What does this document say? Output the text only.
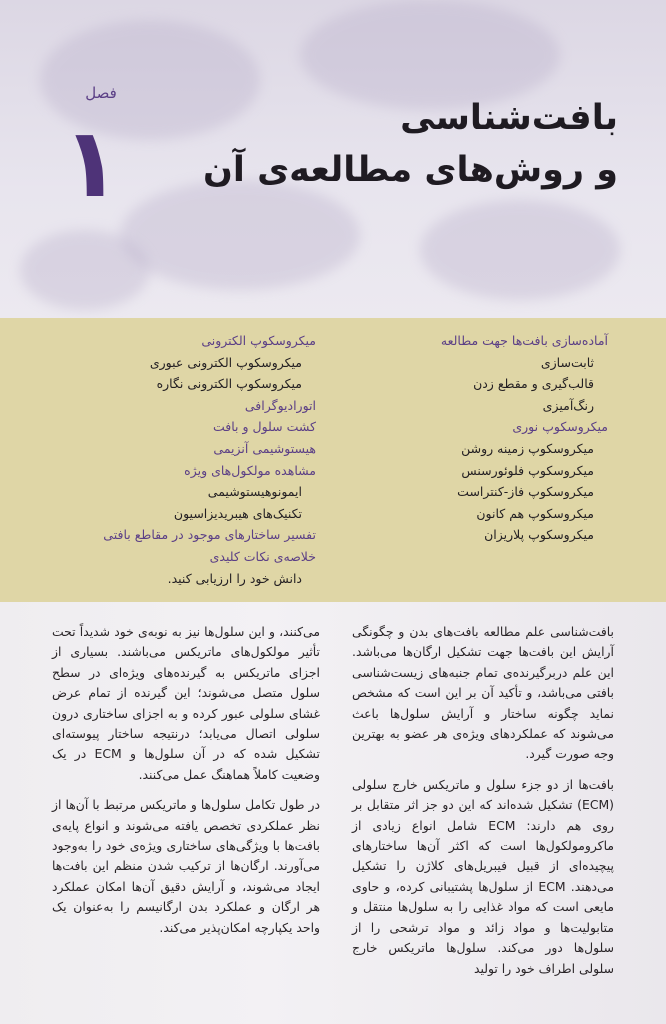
فصل
۱	بافت‌شناسی
و روش‌های مطالعه‌ی آن
آماده‌سازی بافت‌ها جهت مطالعه
ثابت‌سازی
قالب‌گیری و مقطع زدن
رنگ‌آمیزی
میکروسکوپ نوری
میکروسکوپ زمینه روشن
میکروسکوپ فلوئورسنس
میکروسکوپ فاز-کنتراست
میکروسکوپ هم کانون
میکروسکوپ پلاریزان
میکروسکوپ الکترونی
میکروسکوپ الکترونی عبوری
میکروسکوپ الکترونی نگاره
اتورادیوگرافی
کشت سلول و بافت
هیستوشیمی آنزیمی
مشاهده مولکول‌های ویژه
ایمونوهیستوشیمی
تکنیک‌های هیبریدیزاسیون
تفسیر ساختارهای موجود در مقاطع بافتی
خلاصه‌ی نکات کلیدی
دانش خود را ارزیابی کنید.

بافت‌شناسی علم مطالعه بافت‌های بدن و چگونگی آرایش این بافت‌ها جهت تشکیل ارگان‌ها می‌باشد. این علم دربرگیرنده‌ی تمام جنبه‌های زیست‌شناسی بافتی می‌باشد، و تأکید آن بر این است که مشخص نماید چگونه ساختار و آرایش سلول‌ها باعث می‌شوند که عملکردهای ویژه‌ی هر عضو به بهترین وجه صورت گیرد.

بافت‌ها از دو جزء سلول و ماتریکس خارج سلولی (ECM) تشکیل شده‌اند که این دو جز اثر متقابل بر روی هم دارند: ECM شامل انواع زیادی از ماکرومولکول‌ها است که اکثر آن‌ها ساختارهای پیچیده‌ای از قبیل فیبریل‌های کلاژن را تشکیل می‌دهند. ECM از سلول‌ها پشتیبانی کرده، و حاوی مایعی است که مواد غذایی را به سلول‌ها منتقل و متابولیت‌ها و مواد زائد و مواد ترشحی را از سلول‌ها دور می‌کند. سلول‌ها ماتریکس خارج سلولی اطراف خود را تولید

می‌کنند، و این سلول‌ها نیز به نوبه‌ی خود شدیداً تحت تأثیر مولکول‌های ماتریکس می‌باشند. بسیاری از اجزای ماتریکس به گیرنده‌های ویژه‌ای در سطح سلول متصل می‌شوند؛ این گیرنده از تمام عرض غشای سلولی عبور کرده و به اجزای ساختاری درون سلولی اتصال می‌یابد؛ درنتیجه ساختار پیوسته‌ای تشکیل شده که در آن سلول‌ها و ECM در یک وضعیت کاملاً هماهنگ عمل می‌کنند.

در طول تکامل سلول‌ها و ماتریکس مرتبط با آن‌ها از نظر عملکردی تخصص یافته می‌شوند و انواع پایه‌ی بافت‌ها با ویژگی‌های ساختاری ویژه‌ی خود را به‌وجود می‌آورند. ارگان‌ها از ترکیب شدن منظم این بافت‌ها ایجاد می‌شوند، و آرایش دقیق آن‌ها امکان عملکرد هر ارگان و عملکرد بدن ارگانیسم را به‌عنوان یک واحد یکپارچه امکان‌پذیر می‌کند.
